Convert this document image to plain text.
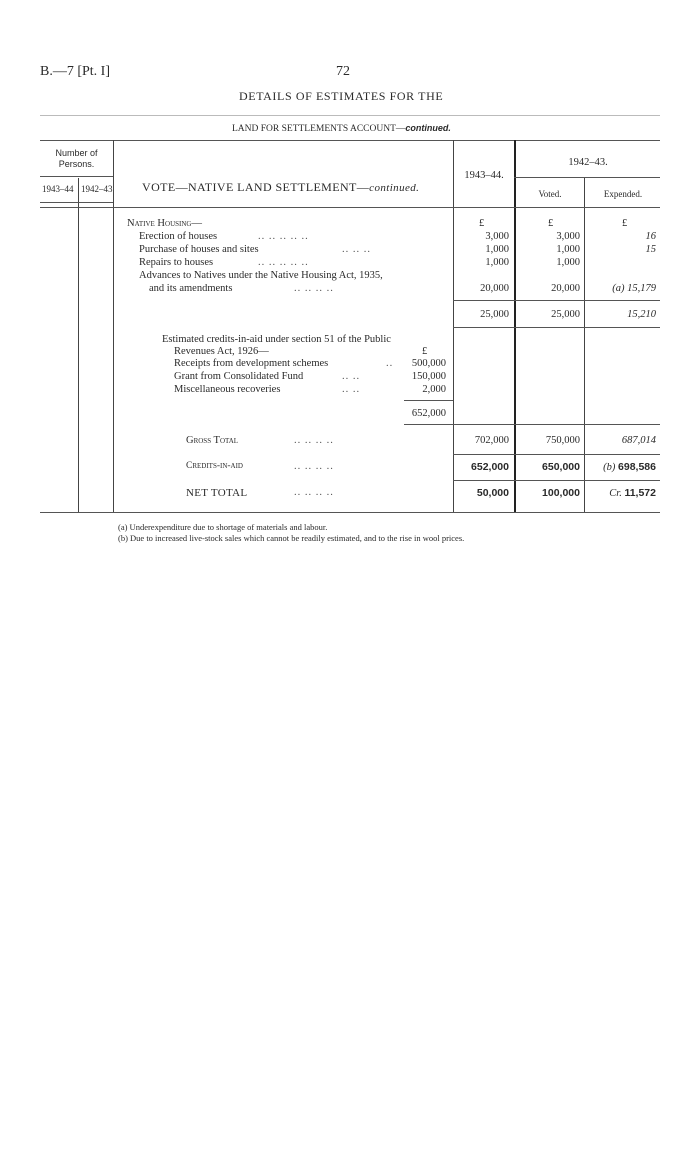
B.—7 [Pt. I]	72
DETAILS OF ESTIMATES FOR THE
LAND FOR SETTLEMENTS ACCOUNT—continued.
Number of Persons.
1943–44 1942–43 VOTE—NATIVE LAND SETTLEMENT—continued.
1943–44.
1942–43.
Voted.	Expended.
£	£	£
Native Housing—
Erection of houses	.. .. .. .. ..	3,000	3,000	16
Purchase of houses and sites	.. .. ..	1,000	1,000	15
Repairs to houses	.. .. .. .. ..	1,000	1,000
Advances to Natives under the Native Housing Act, 1935,
and its amendments	.. .. .. ..	20,000	20,000	(a) 15,179
25,000	25,000	15,210
Estimated credits-in-aid under section 51 of the Public
Revenues Act, 1926—	£
Receipts from development schemes	..	500,000
Grant from Consolidated Fund	.. ..	150,000
Miscellaneous recoveries	.. ..	2,000
652,000
Gross Total	.. .. .. ..	702,000	750,000	687,014
Credits-in-aid	.. .. .. ..	652,000	650,000	(b) 698,586
NET TOTAL	.. .. .. ..	50,000	100,000	Cr. 11,572
(a) Underexpenditure due to shortage of materials and labour.
(b) Due to increased live-stock sales which cannot be readily estimated, and to the rise in wool prices.
